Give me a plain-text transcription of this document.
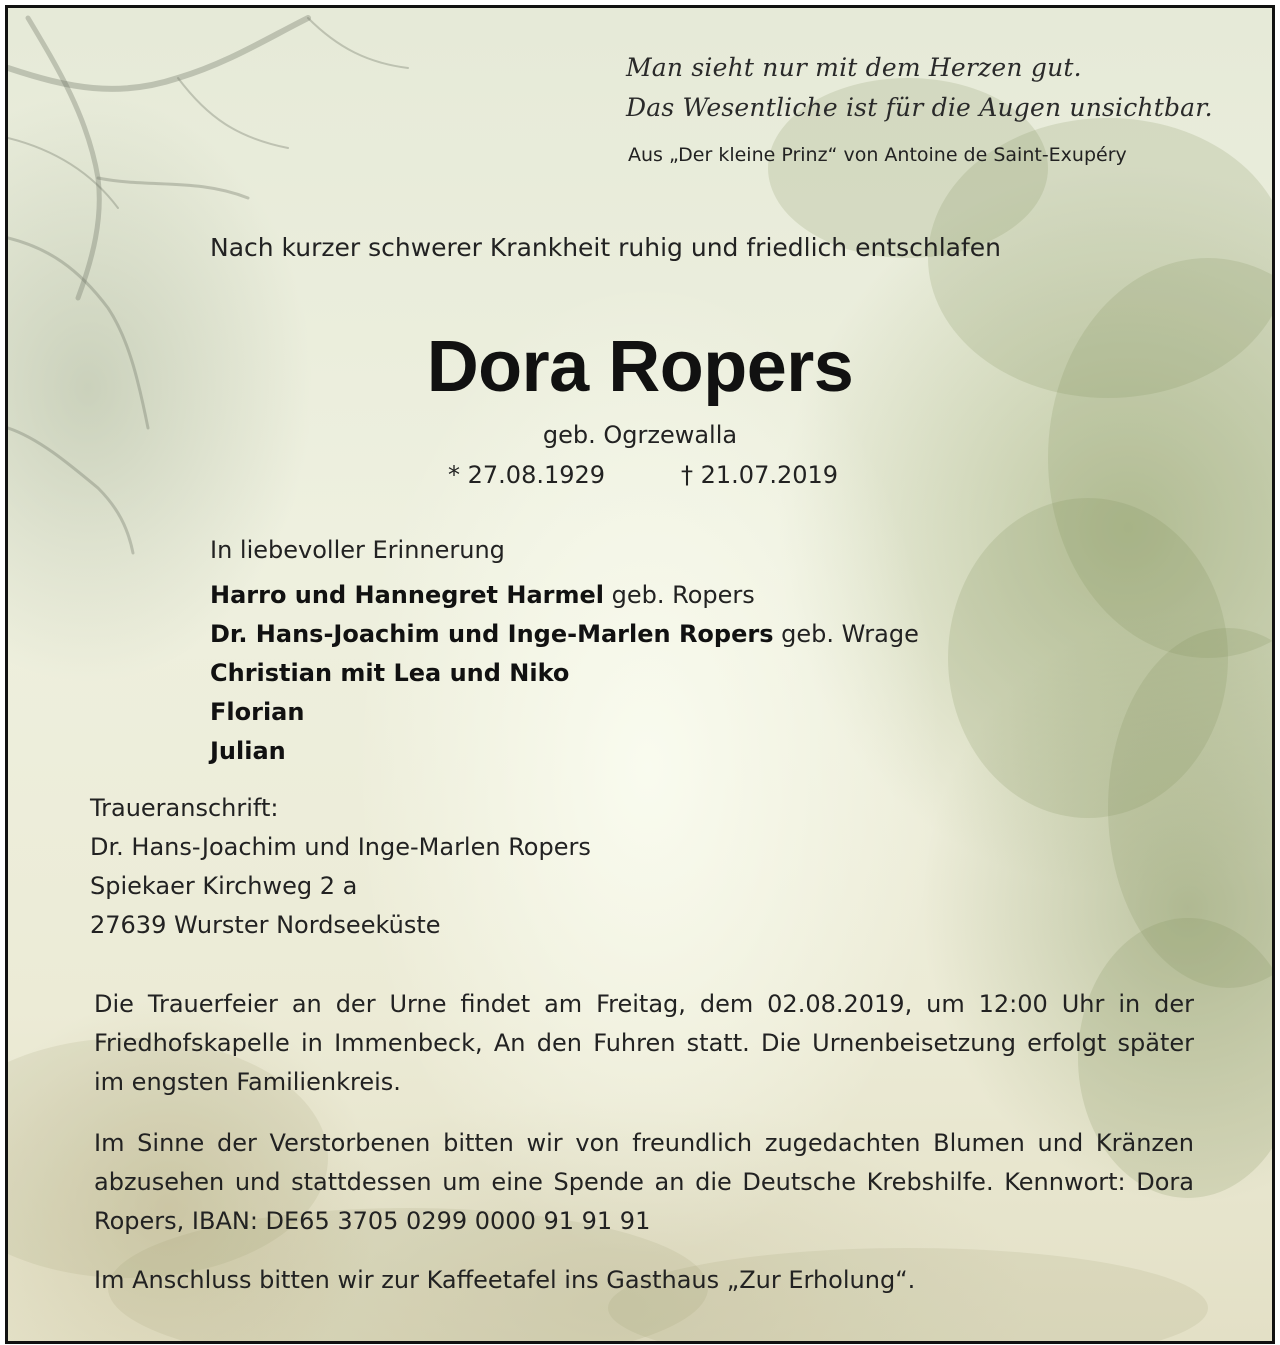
Man sieht nur mit dem Herzen gut.
Das Wesentliche ist für die Augen unsichtbar.
Aus „Der kleine Prinz“ von Antoine de Saint-Exupéry
Nach kurzer schwerer Krankheit ruhig und friedlich entschlafen
Dora Ropers
geb. Ogrzewalla
* 27.08.1929	† 21.07.2019
In liebevoller Erinnerung
Harro und Hannegret Harmel geb. Ropers
Dr. Hans-Joachim und Inge-Marlen Ropers geb. Wrage
Christian mit Lea und Niko
Florian
Julian
Traueranschrift:
Dr. Hans-Joachim und Inge-Marlen Ropers
Spiekaer Kirchweg 2 a
27639 Wurster Nordseeküste

Die Trauerfeier an der Urne findet am Freitag, dem 02.08.2019, um 12:00 Uhr in der Friedhofskapelle in Immenbeck, An den Fuhren statt. Die Urnenbeisetzung erfolgt später im engsten Familienkreis.

Im Sinne der Verstorbenen bitten wir von freundlich zugedachten Blumen und Kränzen abzusehen und stattdessen um eine Spende an die Deutsche Krebshilfe. Kennwort: Dora Ropers, IBAN: DE65 3705 0299 0000 91 91 91

Im Anschluss bitten wir zur Kaffeetafel ins Gasthaus „Zur Erholung“.
